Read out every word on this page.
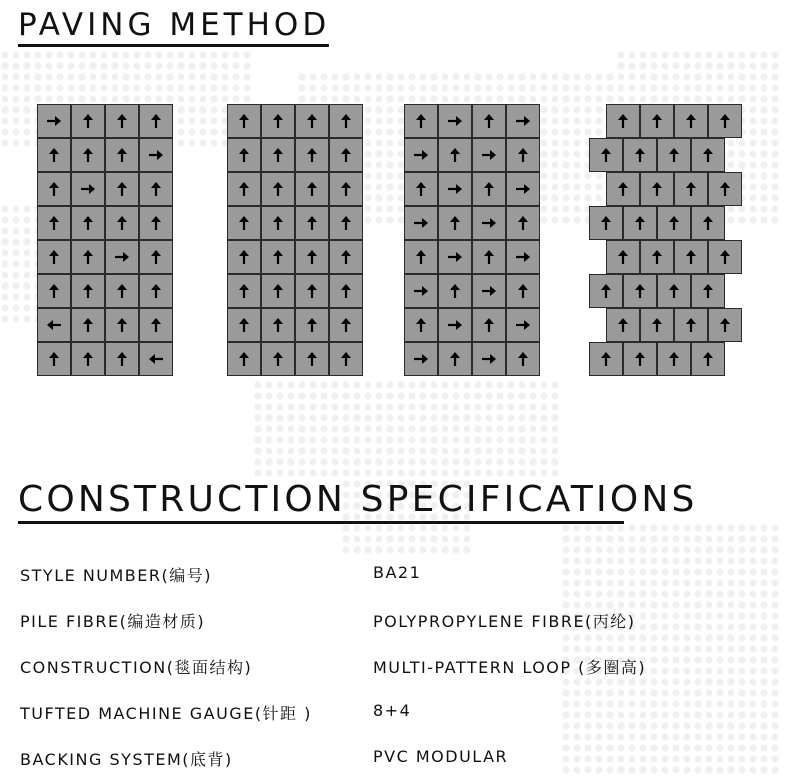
PAVING METHOD
CONSTRUCTION SPECIFICATIONS
STYLE NUMBER(编号)	BA21
PILE FIBRE(编造材质)	POLYPROPYLENE FIBRE(丙纶)
CONSTRUCTION(毯面结构)	MULTI-PATTERN LOOP (多圈高)
TUFTED MACHINE GAUGE(针距 )	8+4
BACKING SYSTEM(底背)	PVC MODULAR
